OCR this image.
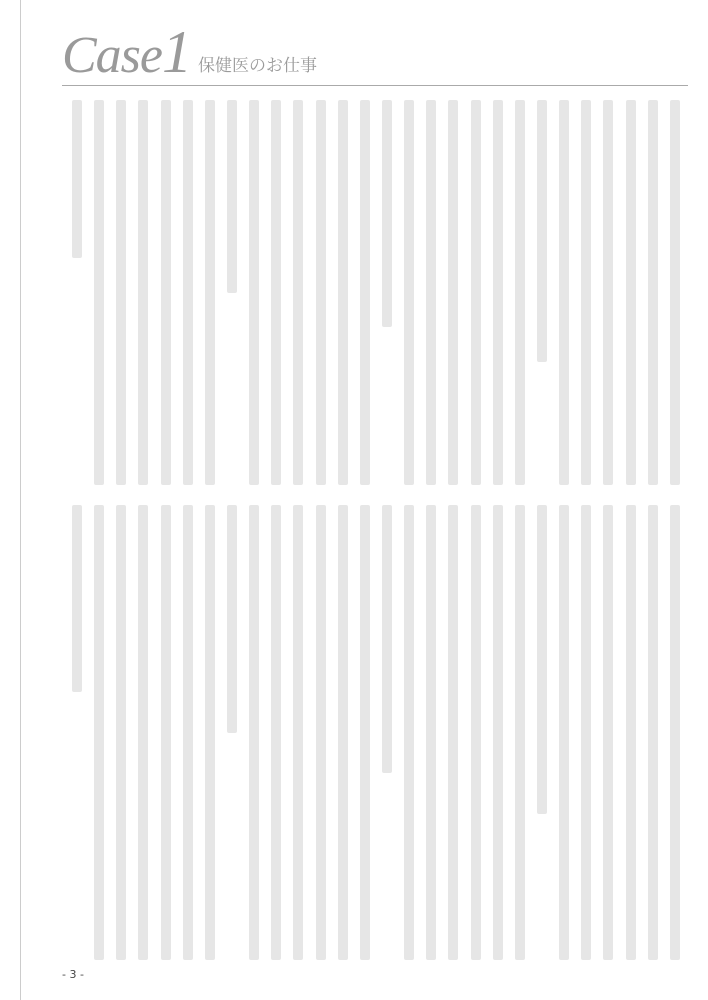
Case 1 保健医のお仕事
- 3 -
